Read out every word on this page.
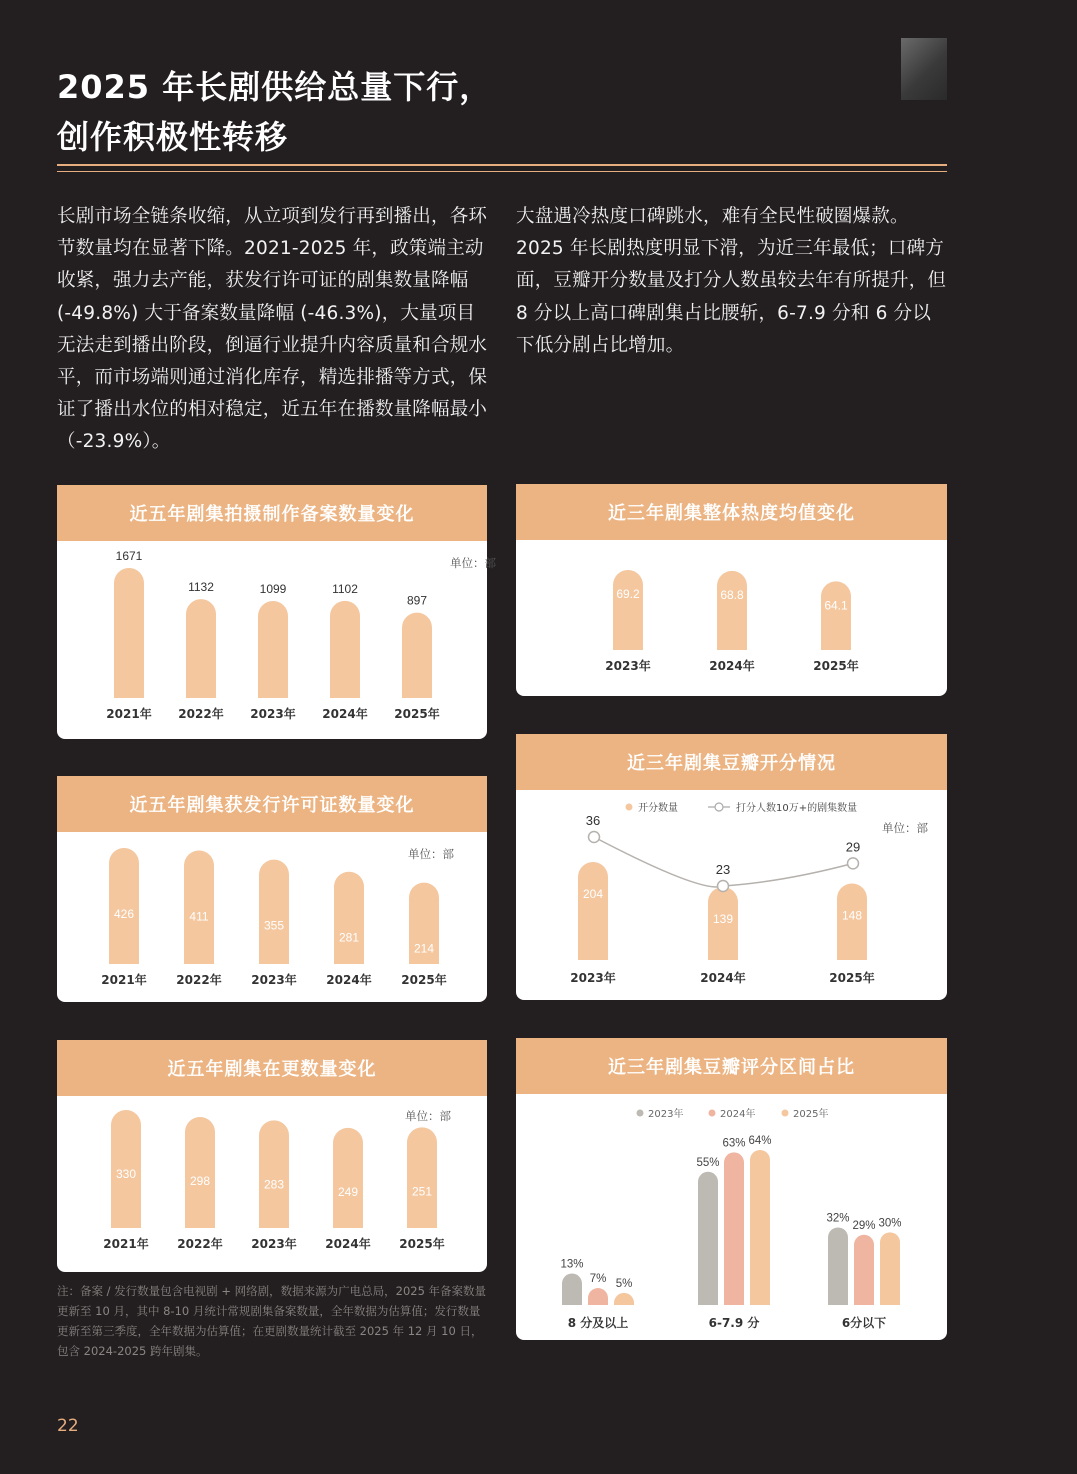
2025 年长剧供给总量下行，
创作积极性转移

长剧市场全链条收缩，从立项到发行再到播出，各环节数量均在显著下降。2021-2025 年，政策端主动收紧，强力去产能，获发行许可证的剧集数量降幅 (-49.8%) 大于备案数量降幅 (-46.3%)，大量项目无法走到播出阶段，倒逼行业提升内容质量和合规水平，而市场端则通过消化库存，精选排播等方式，保证了播出水位的相对稳定，近五年在播数量降幅最小（-23.9%）。

大盘遇冷热度口碑跳水，难有全民性破圈爆款。2025 年长剧热度明显下滑，为近三年最低；口碑方面，豆瓣开分数量及打分人数虽较去年有所提升，但 8 分以上高口碑剧集占比腰斩，6-7.9 分和 6 分以下低分剧占比增加。

近五年剧集拍摄制作备案数量变化
1671
2021年
1132
2022年
1099
2023年
1102
2024年
897
2025年
单位：部
近三年剧集整体热度均值变化
69.2
2023年
68.8
2024年
64.1
2025年
近五年剧集获发行许可证数量变化
426
2021年
411
2022年
355
2023年
281
2024年
214
2025年
单位：部
近三年剧集豆瓣开分情况
开分数量	打分人数10万+的剧集数量
单位：部
204
2023年
139
2024年
148
2025年
36
23
29
近五年剧集在更数量变化
330
2021年
298
2022年
283
2023年
249
2024年
251
2025年
单位：部
近三年剧集豆瓣评分区间占比
2023年	2024年	2025年
13%
7% 5%
8 分及以上
55%
63% 64%
6-7.9 分
32%
29% 30%
6分以下

注：备案 / 发行数量包含电视剧 + 网络剧，数据来源为广电总局，2025 年备案数量更新至 10 月，其中 8-10 月统计常规剧集备案数量，全年数据为估算值；发行数量更新至第三季度，全年数据为估算值；在更剧数量统计截至 2025 年 12 月 10 日，包含 2024-2025 跨年剧集。

22
